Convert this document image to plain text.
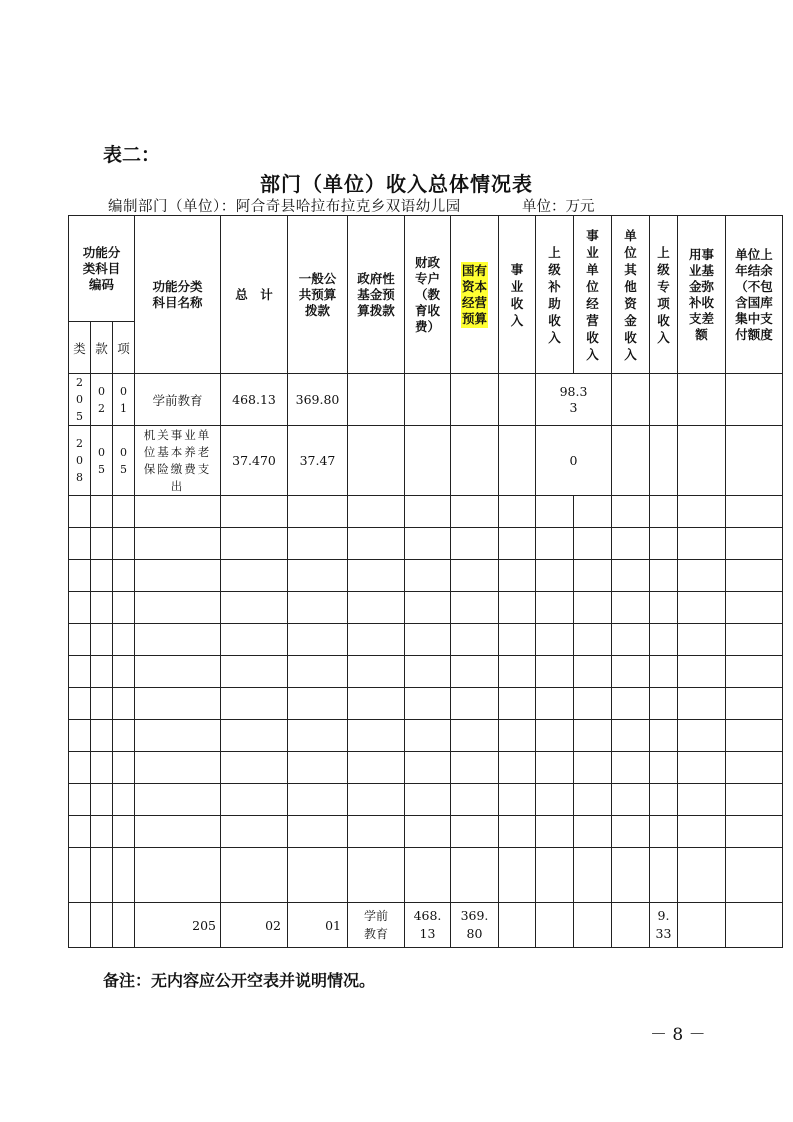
表二：
部门（单位）收入总体情况表
编制部门（单位）：阿合奇县哈拉布拉克乡双语幼儿园	单位：万元
功能分类科目编码			功能分类科目名称	总　计	一般公共预算拨款	政府性基金预算拨款	财政专户（教育收费）	国有资本经营预算	事业收入	上级补助收入	事业单位经营收入	单位其他资金收入	上级专项收入	用事业基金弥补收支差额	单位上年结余（不包含国库集中支付额度
类	款	项													
205	02	01	学前教育	468.13	369.80					98.33					
208	05	05	机关事业单位基本养老保险缴费支出	37.470	37.47					0					

			205	02	01	学前教育	468.13	369.80					9.33		
备注：无内容应公开空表并说明情况。
－ 8 －
